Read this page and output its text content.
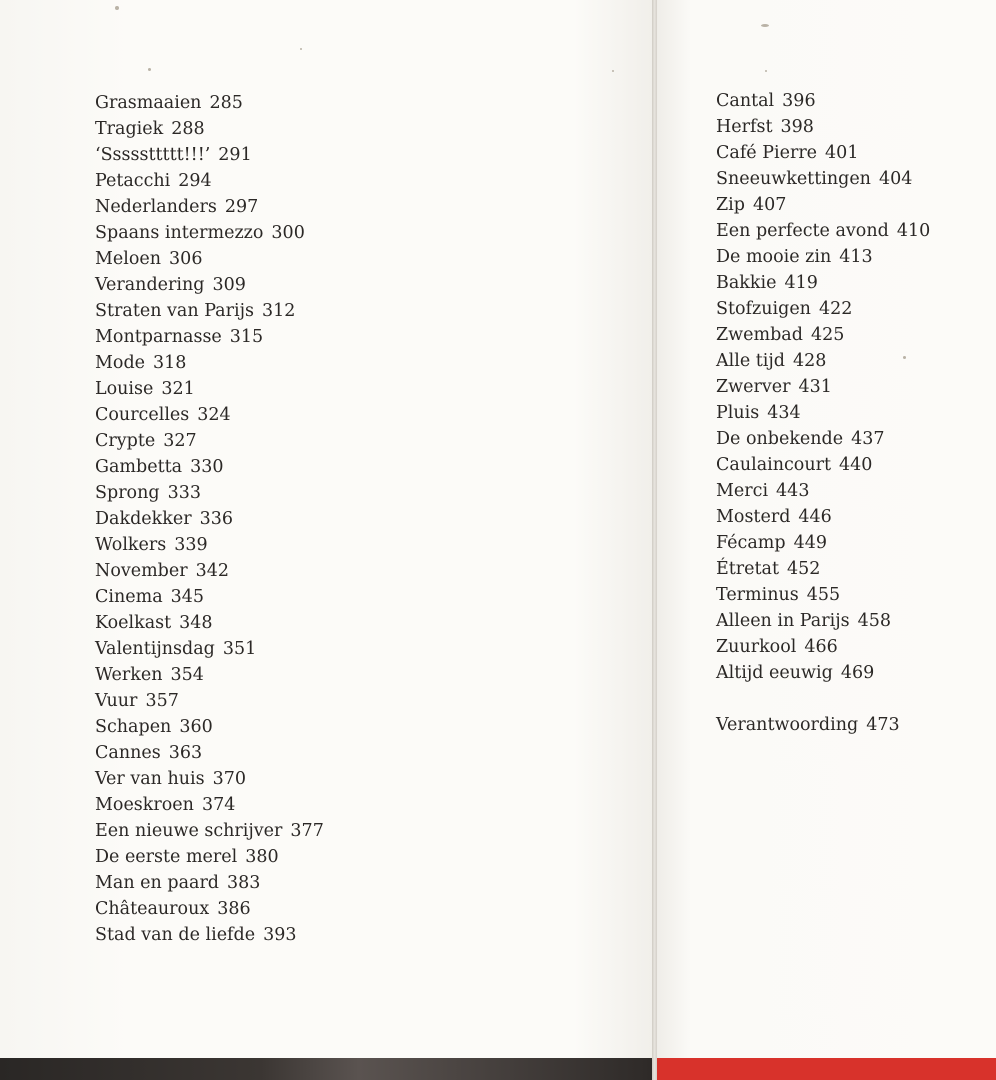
Grasmaaien 285
Tragiek 288
‘Sssssttttt!!!’ 291
Petacchi 294
Nederlanders 297
Spaans intermezzo 300
Meloen 306
Verandering 309
Straten van Parijs 312
Montparnasse 315
Mode 318
Louise 321
Courcelles 324
Crypte 327
Gambetta 330
Sprong 333
Dakdekker 336
Wolkers 339
November 342
Cinema 345
Koelkast 348
Valentijnsdag 351
Werken 354
Vuur 357
Schapen 360
Cannes 363
Ver van huis 370
Moeskroen 374
Een nieuwe schrijver 377
De eerste merel 380
Man en paard 383
Châteauroux 386
Stad van de liefde 393
Cantal 396
Herfst 398
Café Pierre 401
Sneeuwkettingen 404
Zip 407
Een perfecte avond 410
De mooie zin 413
Bakkie 419
Stofzuigen 422
Zwembad 425
Alle tijd 428
Zwerver 431
Pluis 434
De onbekende 437
Caulaincourt 440
Merci 443
Mosterd 446
Fécamp 449
Étretat 452
Terminus 455
Alleen in Parijs 458
Zuurkool 466
Altijd eeuwig 469
Verantwoording 473
